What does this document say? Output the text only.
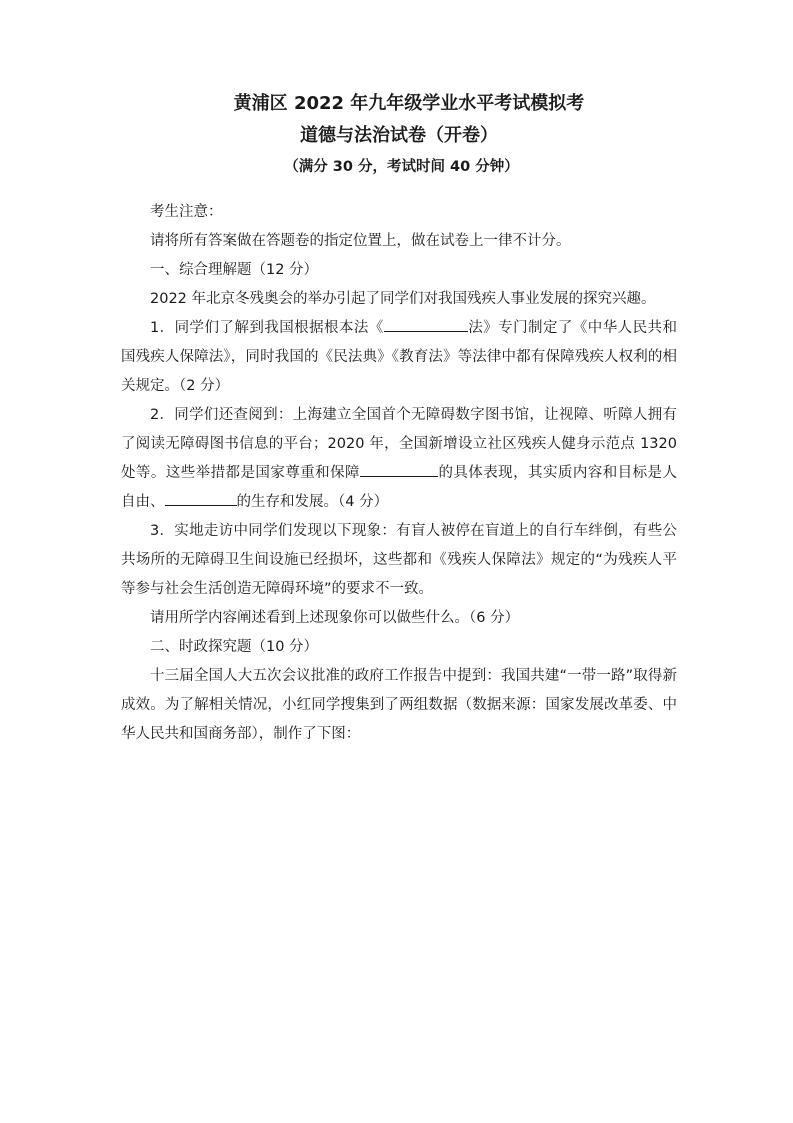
黄浦区 2022 年九年级学业水平考试模拟考
道德与法治试卷（开卷）
（满分 30 分，考试时间 40 分钟）

考生注意：

请将所有答案做在答题卷的指定位置上，做在试卷上一律不计分。

一、综合理解题（12 分）

2022 年北京冬残奥会的举办引起了同学们对我国残疾人事业发展的探究兴趣。

1．同学们了解到我国根据根本法《	法》专门制定了《中华人民共和国残疾人保障法》，同时我国的《民法典》《教育法》等法律中都有保障残疾人权利的相关规定。（2 分）

2．同学们还查阅到：上海建立全国首个无障碍数字图书馆，让视障、听障人拥有了阅读无障碍图书信息的平台；2020 年，全国新增设立社区残疾人健身示范点 1320 处等。这些举措都是国家尊重和保障	的具体表现，其实质内容和目标是人自由、	的生存和发展。（4 分）

3．实地走访中同学们发现以下现象：有盲人被停在盲道上的自行车绊倒，有些公共场所的无障碍卫生间设施已经损坏，这些都和《残疾人保障法》规定的“为残疾人平等参与社会生活创造无障碍环境”的要求不一致。

请用所学内容阐述看到上述现象你可以做些什么。（6 分）

二、时政探究题（10 分）

十三届全国人大五次会议批准的政府工作报告中提到：我国共建“一带一路”取得新成效。为了解相关情况，小红同学搜集到了两组数据（数据来源：国家发展改革委、中华人民共和国商务部），制作了下图：
